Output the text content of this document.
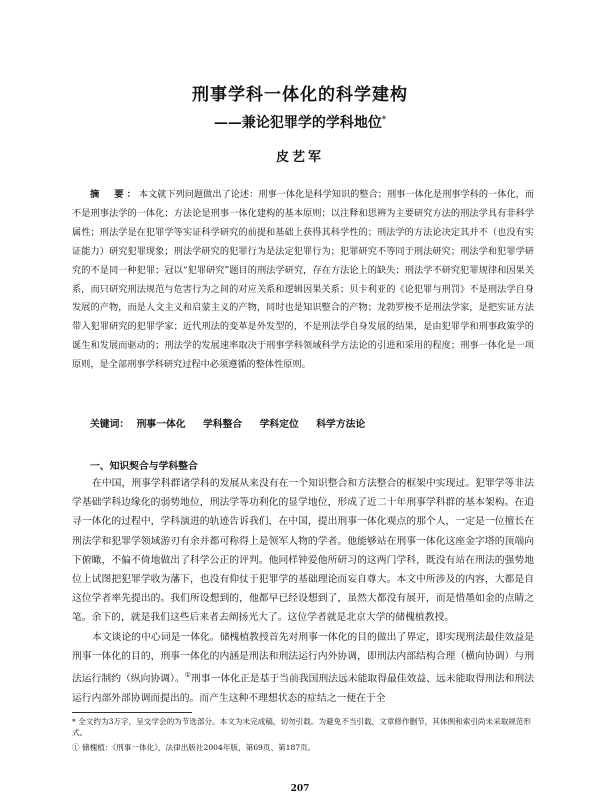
刑事学科一体化的科学建构
——兼论犯罪学的学科地位*
皮艺军
摘　要：本文就下列问题做出了论述：刑事一体化是科学知识的整合；刑事一体化是刑事学科的一体化，而不是刑事法学的一体化；方法论是刑事一体化建构的基本原则；以注释和思辨为主要研究方法的刑法学具有非科学属性；刑法学是在犯罪学等实证科学研究的前提和基础上获得其科学性的；刑法学的方法论决定其并不（也没有实证能力）研究犯罪现象；刑法学研究的犯罪行为是法定犯罪行为；犯罪研究不等同于刑法研究；刑法学和犯罪学研究的不是同一种犯罪；冠以“犯罪研究”题目的刑法学研究，存在方法论上的缺失；刑法学不研究犯罪规律和因果关系，而只研究刑法规范与危害行为之间的对应关系和逻辑因果关系；贝卡利亚的《论犯罪与刑罚》不是刑法学自身发展的产物，而是人文主义和启蒙主义的产物，同时也是知识整合的产物；龙勃罗梭不是刑法学家，是把实证方法带入犯罪研究的犯罪学家；近代刑法的变革是外发型的，不是刑法学自身发展的结果，是由犯罪学和刑事政策学的诞生和发展而驱动的；刑法学的发展速率取决于刑事学科领域科学方法论的引进和采用的程度；刑事一体化是一项原则，是全部刑事学科研究过程中必须遵循的整体性原则。
关键词： 刑事一体化 学科整合 学科定位 科学方法论
一、知识契合与学科整合

在中国，刑事学科群诸学科的发展从来没有在一个知识整合和方法整合的框架中实现过。犯罪学等非法学基础学科边缘化的弱势地位，刑法学等功利化的显学地位，形成了近二十年刑事学科群的基本架构。在追寻一体化的过程中，学科演进的轨迹告诉我们，在中国，提出刑事一体化观点的那个人，一定是一位擅长在刑法学和犯罪学领域游刃有余并都可称得上是领军人物的学者。他能够站在刑事一体化这座金字塔的顶端向下俯瞰，不偏不倚地做出了科学公正的评判。他同样钟爱他所研习的这两门学科，既没有站在刑法的强势地位上试图把犯罪学收为藩下，也没有仰仗于犯罪学的基础理论而妄自尊大。本文中所涉及的内容，大都是自这位学者率先提出的。我们所设想到的，他都早已经设想到了，虽然大都没有展开，而是惜墨如金的点睛之笔。余下的，就是我们这些后来者去阐扬光大了。这位学者就是北京大学的储槐植教授。

本文谈论的中心词是一体化。储槐植教授首先对刑事一体化的目的做出了界定，即实现刑法最佳效益是刑事一体化的目的，刑事一体化的内涵是刑法和刑法运行内外协调，即刑法内部结构合理（横向协调）与刑法运行制约（纵向协调）。①刑事一体化正是基于当前我国刑法远未能取得最佳效益、远未能取得刑法和刑法运行内部外部协调而提出的。而产生这种不理想状态的症结之一便在于全

* 全文约为3万字，呈交学会的为节选部分。本文为未完成稿，切勿引载。为避免不当引载，文章修作删节，其体例和索引尚未采取规范形式。
① 储槐植：《刑事一体化》，法律出版社2004年版，第69页、第187页。
207
